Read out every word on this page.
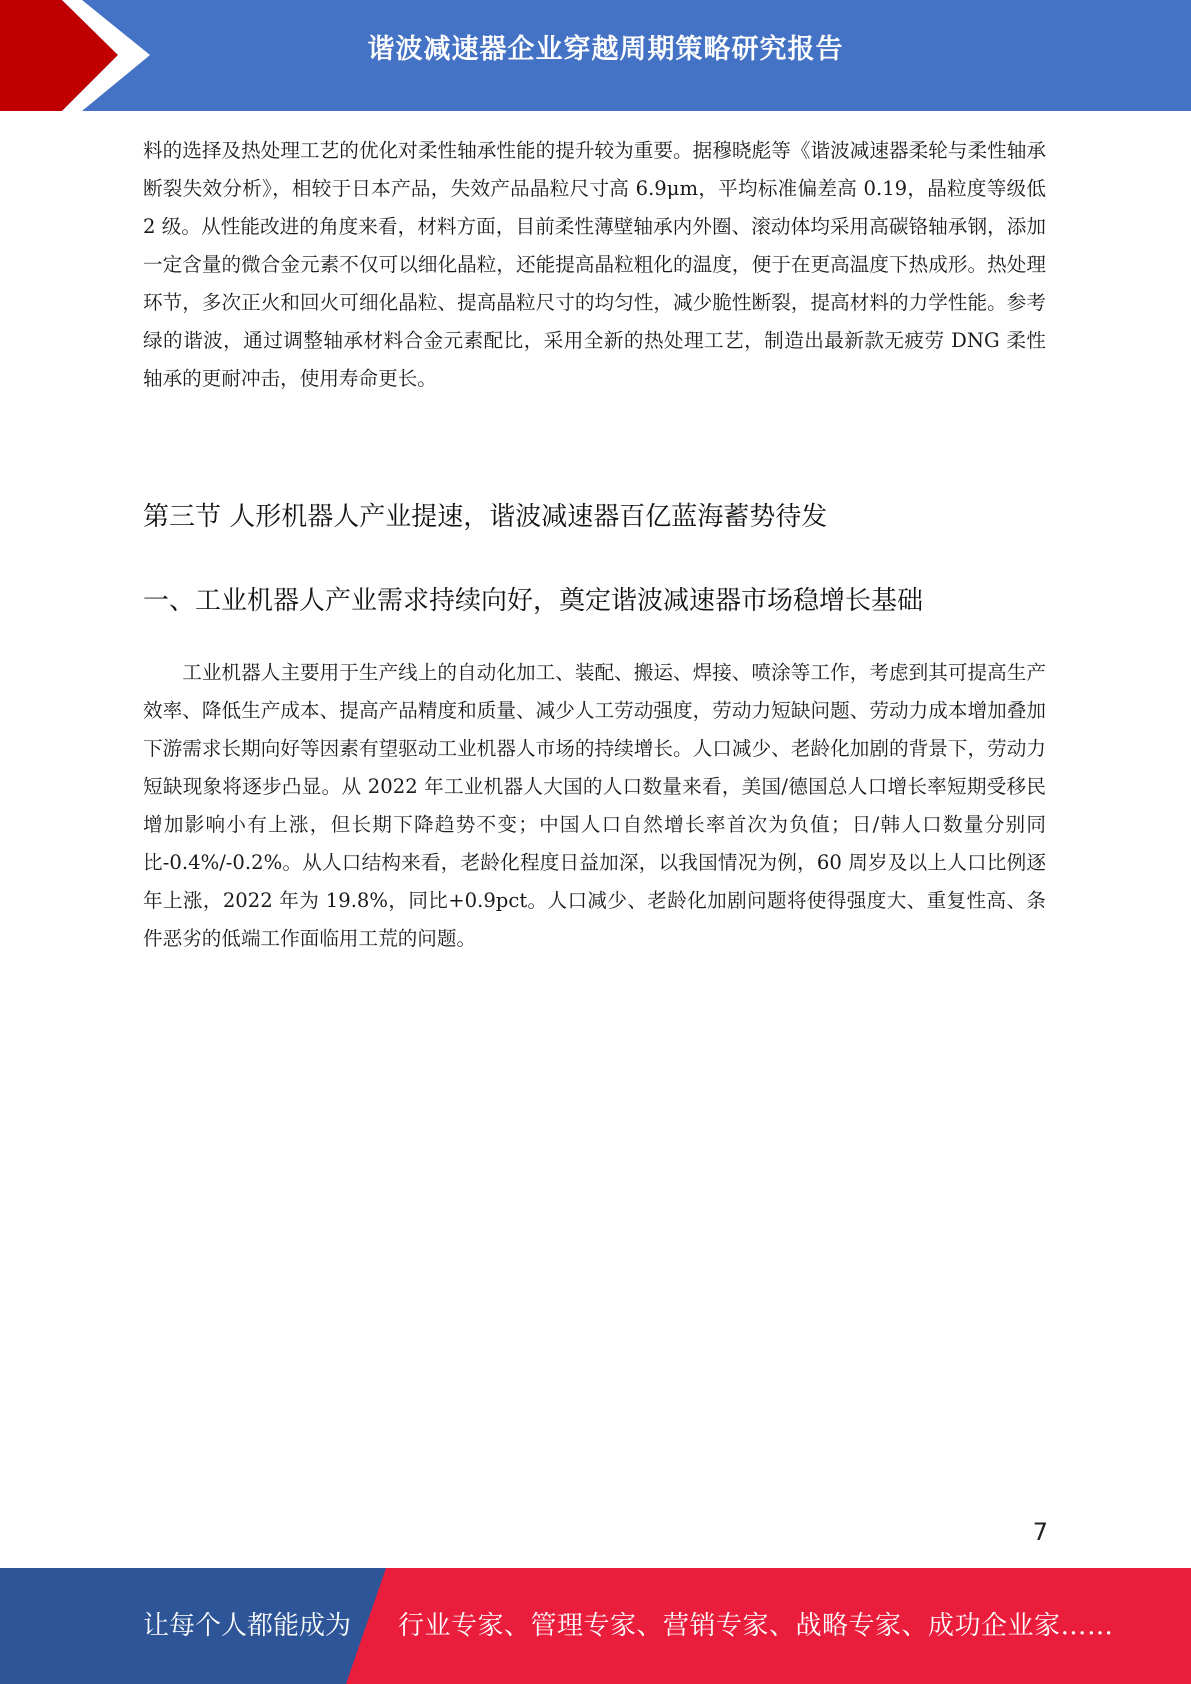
谐波减速器企业穿越周期策略研究报告

料的选择及热处理工艺的优化对柔性轴承性能的提升较为重要。据穆晓彪等《谐波减速器柔轮与柔性轴承断裂失效分析》，相较于日本产品，失效产品晶粒尺寸高 6.9μm，平均标准偏差高 0.19，晶粒度等级低 2 级。从性能改进的角度来看，材料方面，目前柔性薄壁轴承内外圈、滚动体均采用高碳铬轴承钢，添加一定含量的微合金元素不仅可以细化晶粒，还能提高晶粒粗化的温度，便于在更高温度下热成形。热处理环节，多次正火和回火可细化晶粒、提高晶粒尺寸的均匀性，减少脆性断裂，提高材料的力学性能。参考绿的谐波，通过调整轴承材料合金元素配比，采用全新的热处理工艺，制造出最新款无疲劳 DNG 柔性轴承的更耐冲击，使用寿命更长。

第三节 人形机器人产业提速，谐波减速器百亿蓝海蓄势待发
一、工业机器人产业需求持续向好，奠定谐波减速器市场稳增长基础

工业机器人主要用于生产线上的自动化加工、装配、搬运、焊接、喷涂等工作，考虑到其可提高生产效率、降低生产成本、提高产品精度和质量、减少人工劳动强度，劳动力短缺问题、劳动力成本增加叠加下游需求长期向好等因素有望驱动工业机器人市场的持续增长。人口减少、老龄化加剧的背景下，劳动力短缺现象将逐步凸显。从 2022 年工业机器人大国的人口数量来看，美国/德国总人口增长率短期受移民增加影响小有上涨，但长期下降趋势不变；中国人口自然增长率首次为负值；日/韩人口数量分别同比-0.4%/-0.2%。从人口结构来看，老龄化程度日益加深，以我国情况为例，60 周岁及以上人口比例逐年上涨，2022 年为 19.8%，同比+0.9pct。人口减少、老龄化加剧问题将使得强度大、重复性高、条件恶劣的低端工作面临用工荒的问题。

7
让每个人都能成为 行业专家、管理专家、营销专家、战略专家、成功企业家……
